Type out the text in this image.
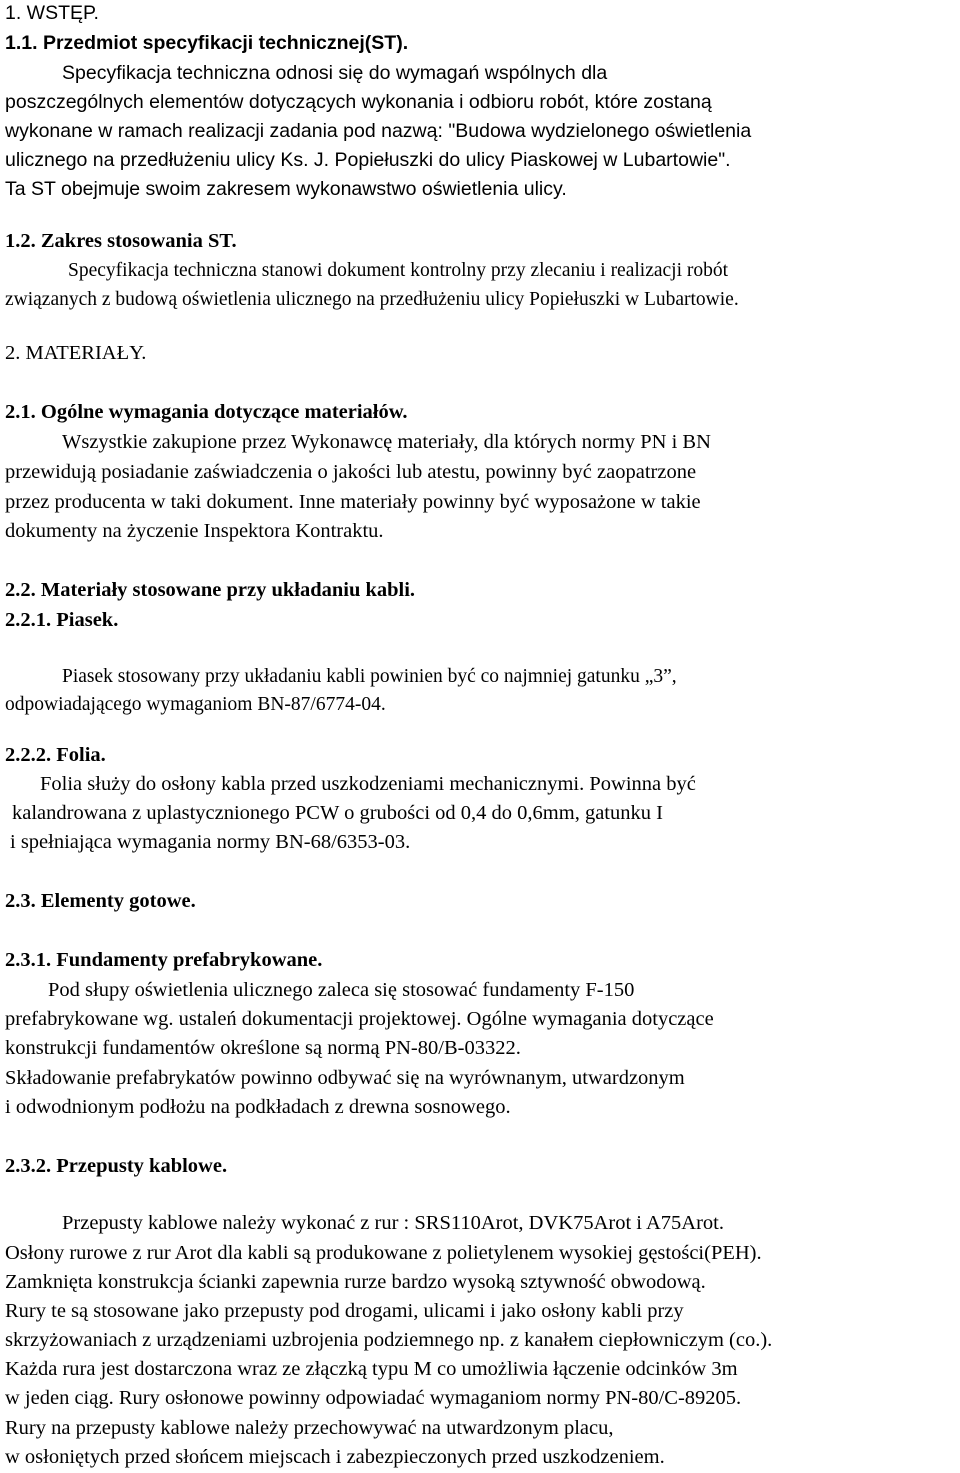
1. WSTĘP.
1.1. Przedmiot specyfikacji technicznej(ST).
Specyfikacja techniczna odnosi się do wymagań wspólnych dla
poszczególnych elementów dotyczących wykonania i odbioru robót, które zostaną
wykonane w ramach realizacji zadania pod nazwą: "Budowa wydzielonego oświetlenia
ulicznego na przedłużeniu ulicy Ks. J. Popiełuszki do ulicy Piaskowej w Lubartowie".
Ta ST obejmuje swoim zakresem wykonawstwo oświetlenia ulicy.
1.2. Zakres stosowania ST.
Specyfikacja techniczna stanowi dokument kontrolny przy zlecaniu i realizacji robót
związanych z budową oświetlenia ulicznego na przedłużeniu ulicy Popiełuszki w Lubartowie.
2. MATERIAŁY.
2.1. Ogólne wymagania dotyczące materiałów.
Wszystkie zakupione przez Wykonawcę materiały, dla których normy PN i BN
przewidują posiadanie zaświadczenia o jakości lub atestu, powinny być zaopatrzone
przez producenta w taki dokument. Inne materiały powinny być wyposażone w takie
dokumenty na życzenie Inspektora Kontraktu.
2.2. Materiały stosowane przy układaniu kabli.
2.2.1. Piasek.
Piasek stosowany przy układaniu kabli powinien być co najmniej gatunku „3”,
odpowiadającego wymaganiom BN-87/6774-04.
2.2.2. Folia.
Folia służy do osłony kabla przed uszkodzeniami mechanicznymi. Powinna być
kalandrowana z uplastycznionego PCW o grubości od 0,4 do 0,6mm, gatunku I
i spełniająca wymagania normy BN-68/6353-03.
2.3. Elementy gotowe.
2.3.1. Fundamenty prefabrykowane.
Pod słupy oświetlenia ulicznego zaleca się stosować fundamenty F-150
prefabrykowane wg. ustaleń dokumentacji projektowej. Ogólne wymagania dotyczące
konstrukcji fundamentów określone są normą PN-80/B-03322.
Składowanie prefabrykatów powinno odbywać się na wyrównanym, utwardzonym
i odwodnionym podłożu na podkładach z drewna sosnowego.
2.3.2. Przepusty kablowe.
Przepusty kablowe należy wykonać z rur : SRS110Arot, DVK75Arot i A75Arot.
Osłony rurowe z rur Arot dla kabli są produkowane z polietylenem wysokiej gęstości(PEH).
Zamknięta konstrukcja ścianki zapewnia rurze bardzo wysoką sztywność obwodową.
Rury te są stosowane jako przepusty pod drogami, ulicami i jako osłony kabli przy
skrzyżowaniach z urządzeniami uzbrojenia podziemnego np. z kanałem ciepłowniczym (co.).
Każda rura jest dostarczona wraz ze złączką typu M co umożliwia łączenie odcinków 3m
w jeden ciąg. Rury osłonowe powinny odpowiadać wymaganiom normy PN-80/C-89205.
Rury na przepusty kablowe należy przechowywać na utwardzonym placu,
w osłoniętych przed słońcem miejscach i zabezpieczonych przed uszkodzeniem.
